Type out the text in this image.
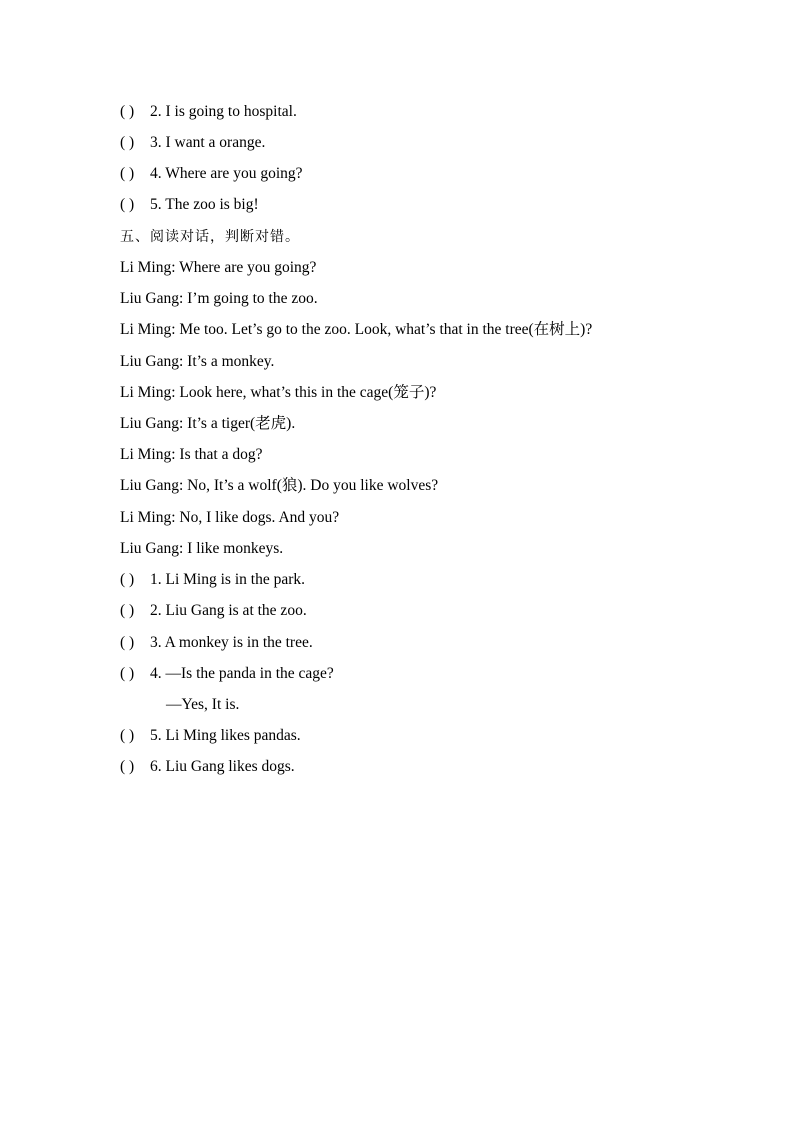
( ) 2. I is going to hospital.
( ) 3. I want a orange.
( ) 4. Where are you going?
( ) 5. The zoo is big!
五、阅读对话，判断对错。
Li Ming: Where are you going?
Liu Gang: I’m going to the zoo.
Li Ming: Me too. Let’s go to the zoo. Look, what’s that in the tree(在树上)?
Liu Gang: It’s a monkey.
Li Ming: Look here, what’s this in the cage(笼子)?
Liu Gang: It’s a tiger(老虎).
Li Ming: Is that a dog?
Liu Gang: No, It’s a wolf(狼). Do you like wolves?
Li Ming: No, I like dogs. And you?
Liu Gang: I like monkeys.
( ) 1. Li Ming is in the park.
( ) 2. Liu Gang is at the zoo.
( ) 3. A monkey is in the tree.
( ) 4. —Is the panda in the cage?
—Yes, It is.
( ) 5. Li Ming likes pandas.
( ) 6. Liu Gang likes dogs.
